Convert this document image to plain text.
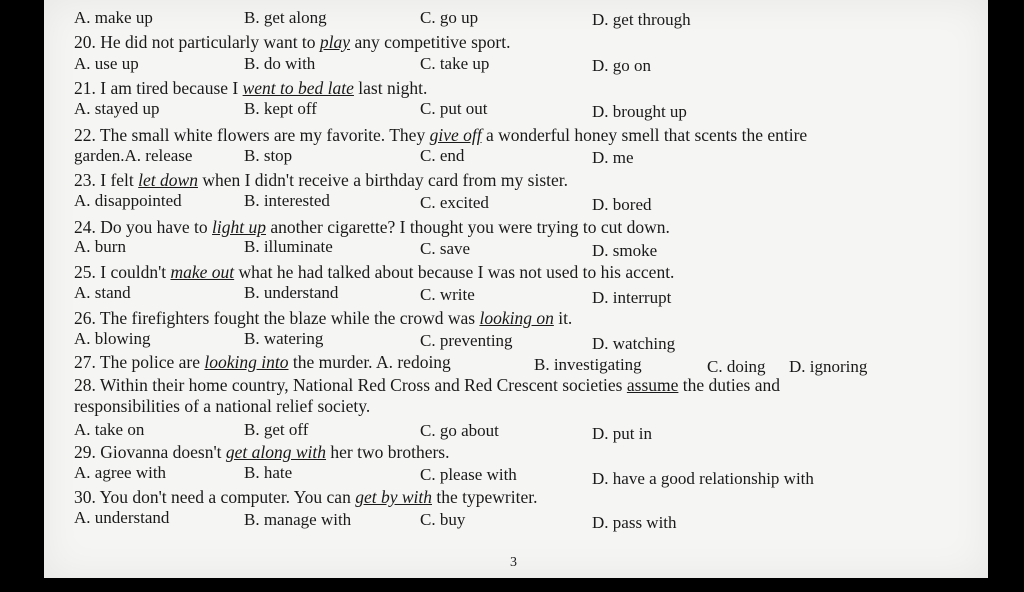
A. make up	B. get along	C. go up	D. get through
20. He did not particularly want to play any competitive sport.
A. use up	B. do with	C. take up	D. go on
21. I am tired because I went to bed late last night.
A. stayed up	B. kept off	C. put out	D. brought up
22. The small white flowers are my favorite. They give off a wonderful honey smell that scents the entire
garden.A. release	B. stop	C. end	D. me
23. I felt let down when I didn't receive a birthday card from my sister.
A. disappointed	B. interested	C. excited	D. bored
24. Do you have to light up another cigarette? I thought you were trying to cut down.
A. burn	B. illuminate	C. save	D. smoke
25. I couldn't make out what he had talked about because I was not used to his accent.
A. stand	B. understand	C. write	D. interrupt
26. The firefighters fought the blaze while the crowd was looking on it.
A. blowing	B. watering	C. preventing	D. watching
27. The police are looking into the murder. A. redoing	B. investigating	C. doing D. ignoring
28. Within their home country, National Red Cross and Red Crescent societies assume the duties and
responsibilities of a national relief society.
A. take on	B. get off	C. go about	D. put in
29. Giovanna doesn't get along with her two brothers.
A. agree with	B. hate	C. please with	D. have a good relationship with
30. You don't need a computer. You can get by with the typewriter.
A. understand	B. manage with	C. buy	D. pass with
3
